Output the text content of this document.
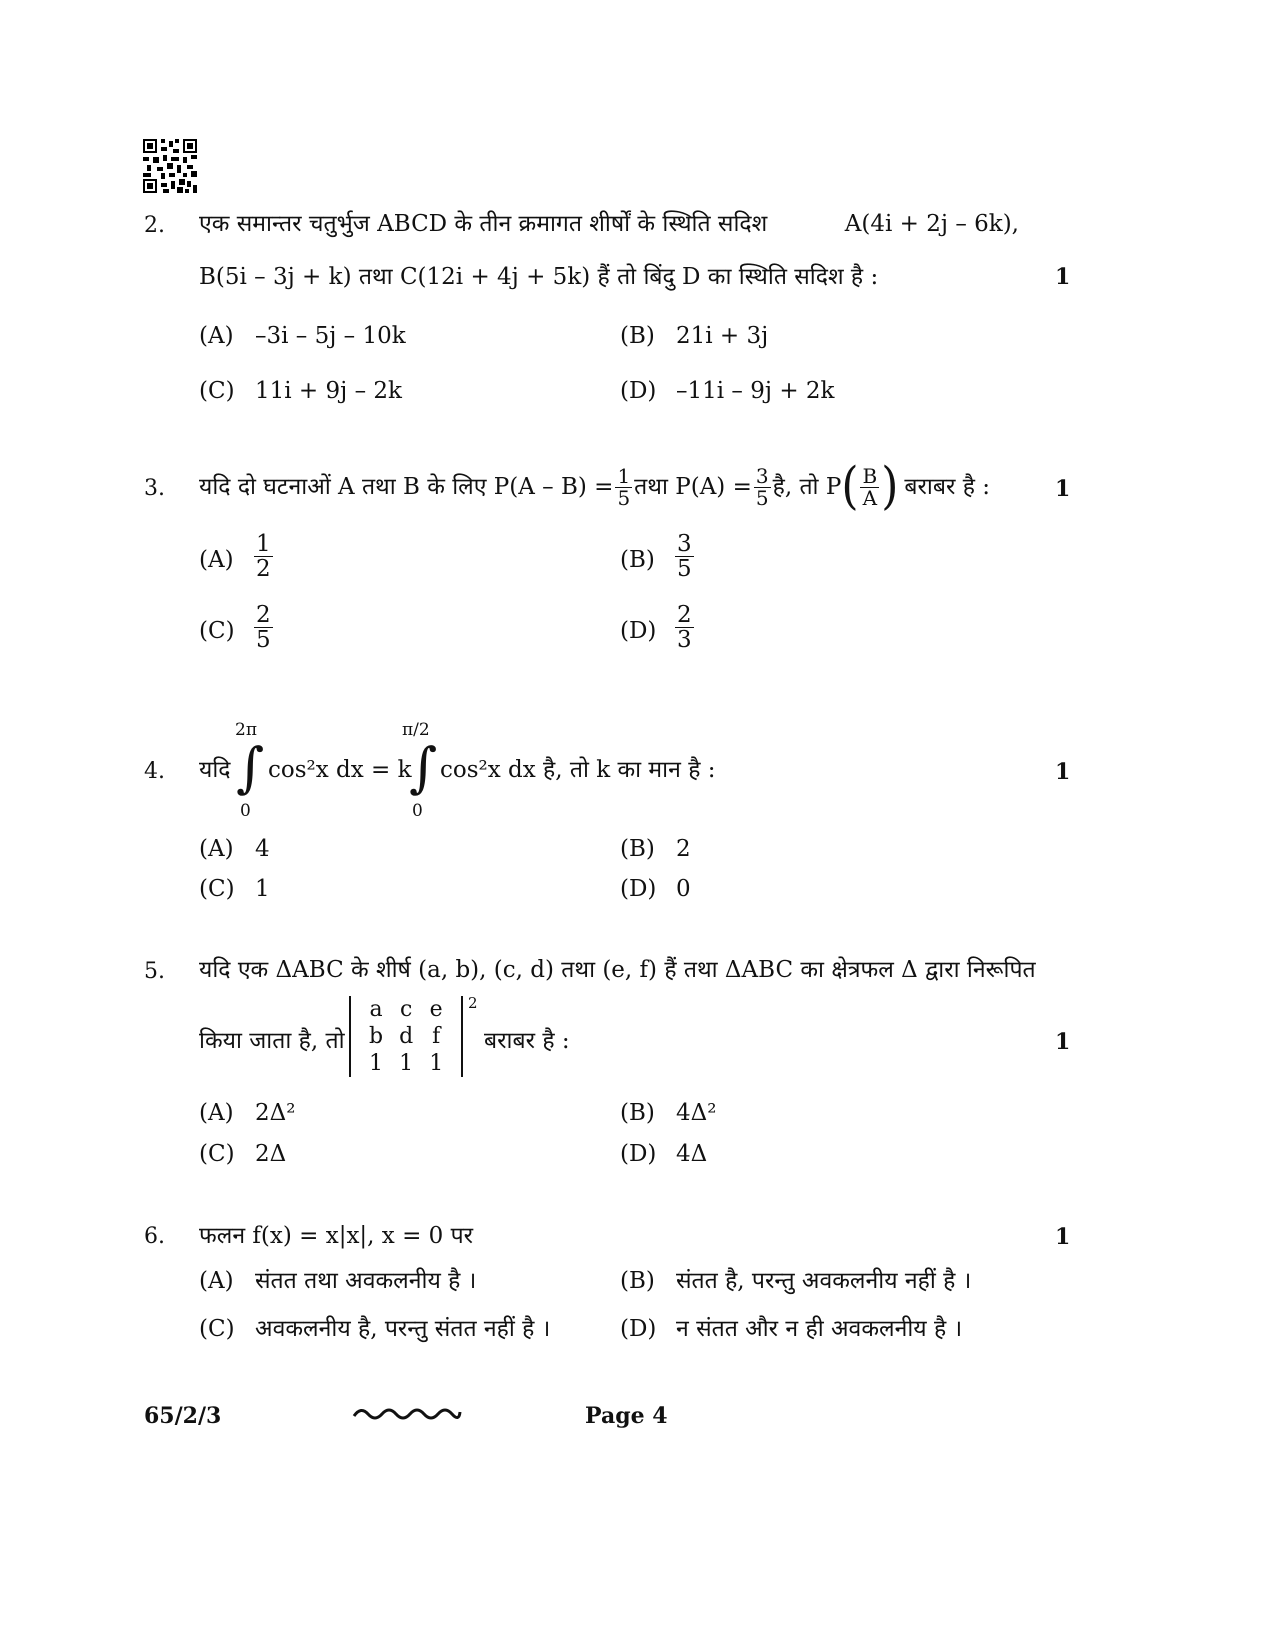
2. एक समान्तर चतुर्भुज ABCD के तीन क्रमागत शीर्षों के स्थिति सदिश	A(4i + 2j – 6k),
B(5i – 3j + k) तथा C(12i + 4j + 5k) हैं तो बिंदु D का स्थिति सदिश है :	1
(A) –3i – 5j – 10k	(B) 21i + 3j
(C) 11i + 9j – 2k	(D) –11i – 9j + 2k
3. यदि दो घटनाओं A तथा B के लिए $P(A - B) = \frac{1}{5}$ तथा $P(A) = \frac{3}{5}$ है, तो P ( $\frac{B}{A}$ ) बराबर है :	1
$(A) \frac{1}{2}$	$(B) \frac{3}{5}$
$(C) \frac{2}{5}$	$(D) \frac{2}{3}$
4. यदि
2π
∫
0
cos²x dx = k
π/2
∫
0
cos²x dx है, तो k का मान है :	1
(A) 4	(B) 2
(C) 1	(D) 0
5. यदि एक ΔABC के शीर्ष (a, b), (c, d) तथा (e, f) हैं तथा ΔABC का क्षेत्रफल Δ द्वारा निरूपित
किया जाता है, तो
a	c	e
b	d	f
1	1	1
2
बराबर है :	1
(A) 2Δ²	(B) 4Δ²
(C) 2Δ	(D) 4Δ
6. फलन f(x) = x|x|, x = 0 पर	1
(A) संतत तथा अवकलनीय है ।	(B) संतत है, परन्तु अवकलनीय नहीं है ।
(C) अवकलनीय है, परन्तु संतत नहीं है ।	(D) न संतत और न ही अवकलनीय है ।
65/2/3	Page 4
